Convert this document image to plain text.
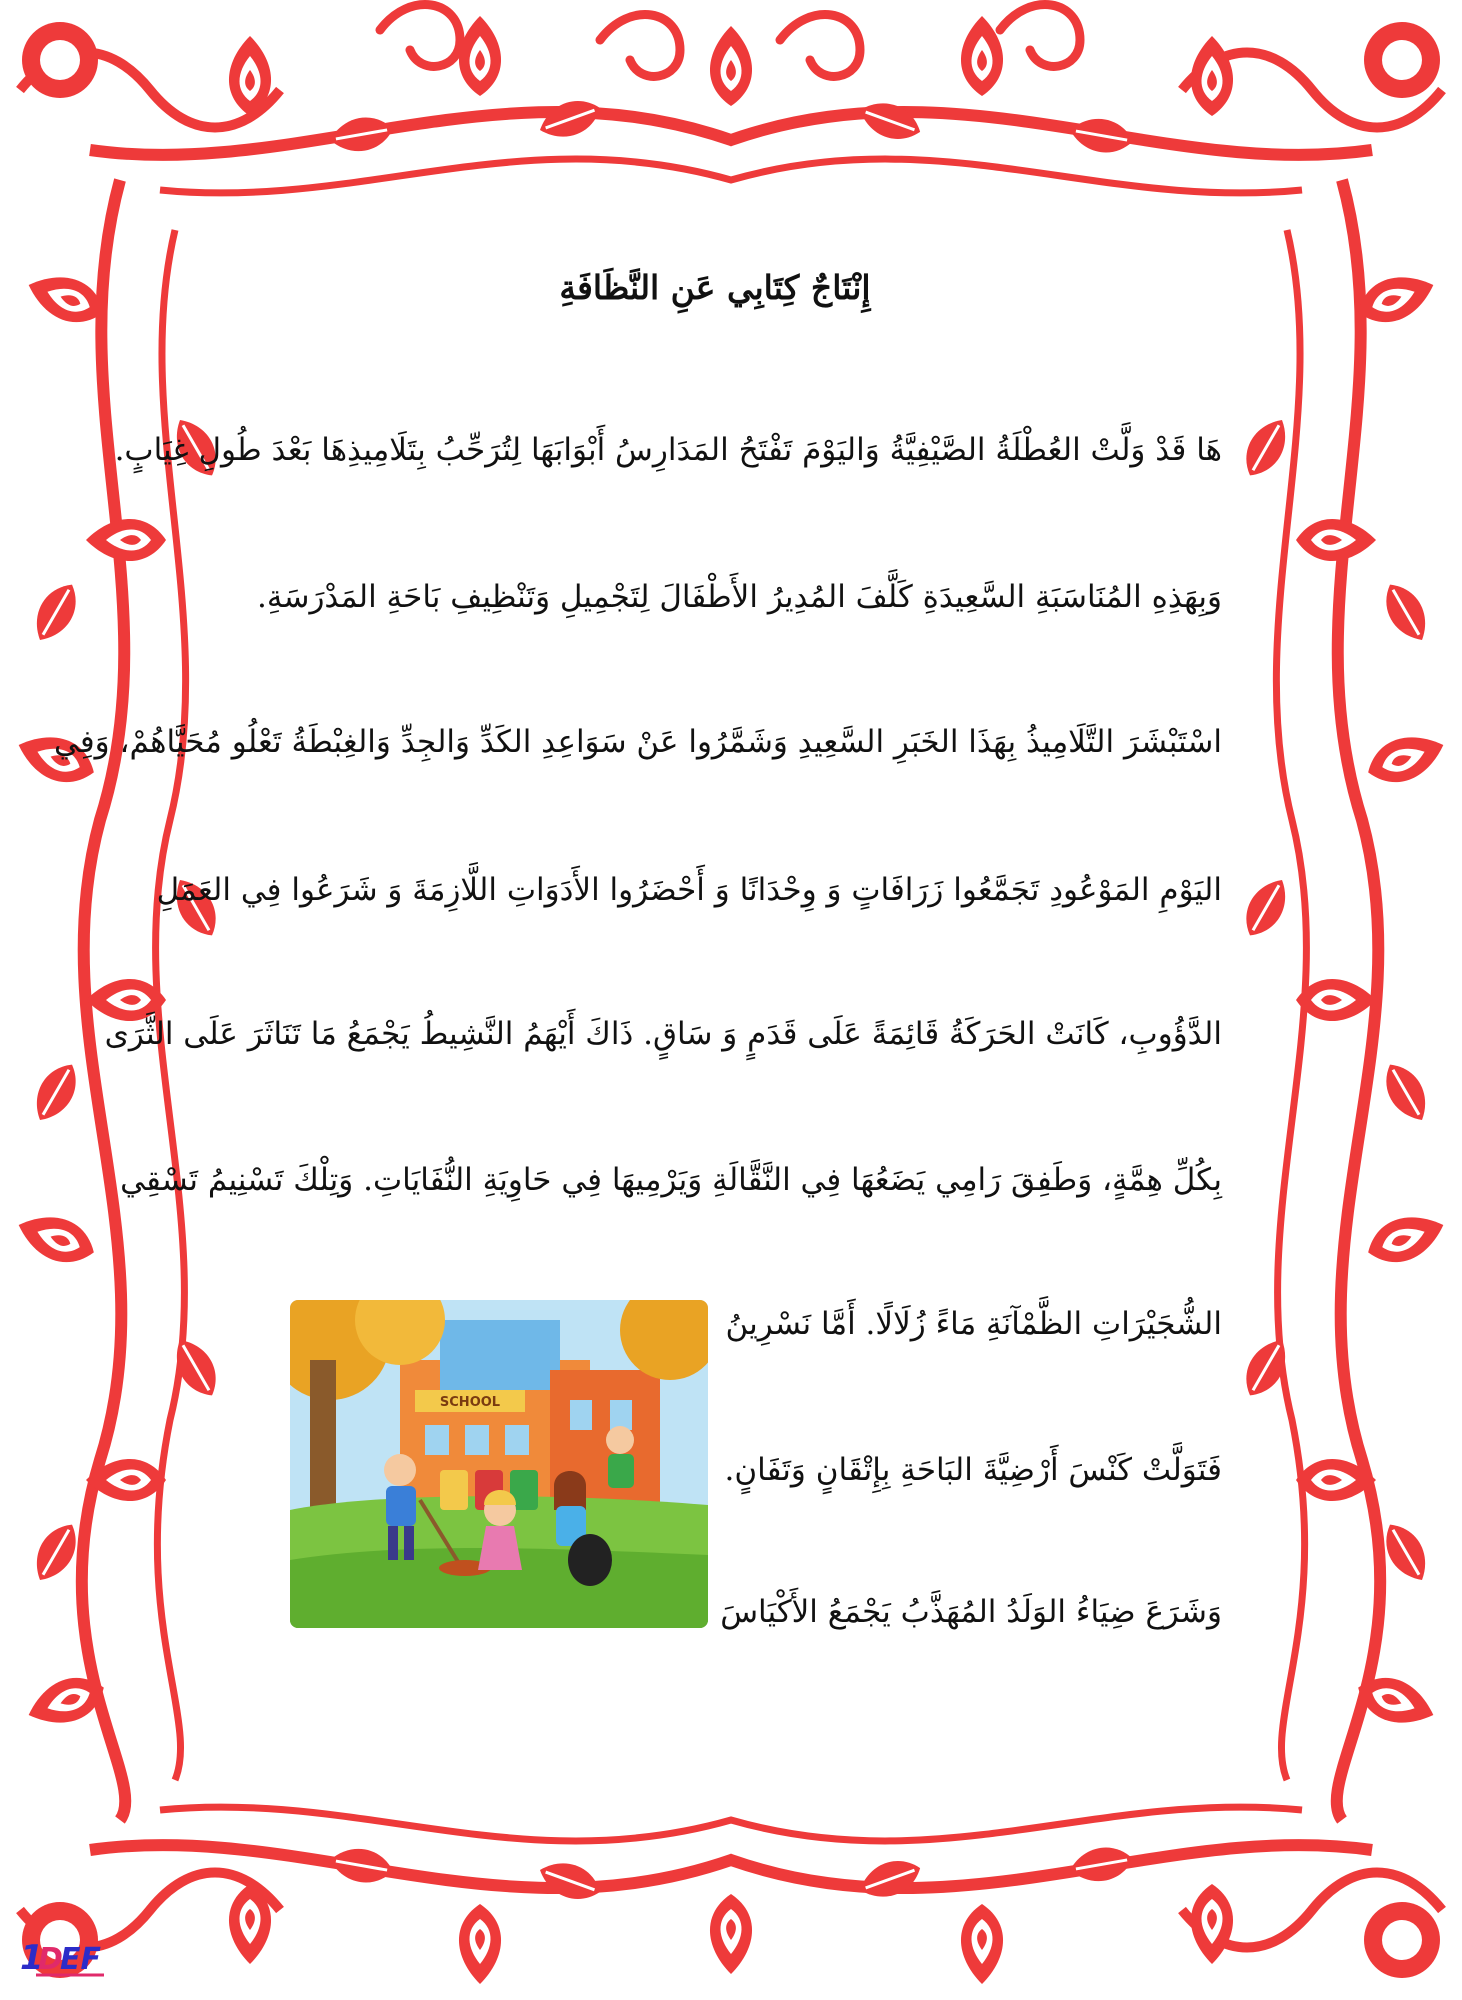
إِنْتَاجٌ كِتَابِي عَنِ النَّظَافَةِ
هَا قَدْ وَلَّتْ العُطْلَةُ الصَّيْفِيَّةُ وَاليَوْمَ تَفْتَحُ المَدَارِسُ أَبْوَابَهَا لِتُرَحِّبُ بِتَلَامِيذِهَا بَعْدَ طُولِ غِيَابٍ.
وَبِهَذِهِ المُنَاسَبَةِ السَّعِيدَةِ كَلَّفَ المُدِيرُ الأَطْفَالَ لِتَجْمِيلِ وَتَنْظِيفِ بَاحَةِ المَدْرَسَةِ.
اسْتَبْشَرَ التَّلَامِيذُ بِهَذَا الخَبَرِ السَّعِيدِ وَشَمَّرُوا عَنْ سَوَاعِدِ الكَدِّ وَالجِدِّ وَالغِبْطَةُ تَعْلُو مُحَيَّاهُمْ، وَفِي
اليَوْمِ المَوْعُودِ تَجَمَّعُوا زَرَافَاتٍ وَ وِحْدَانًا وَ أَحْضَرُوا الأَدَوَاتِ اللَّازِمَةَ وَ شَرَعُوا فِي العَمَلِ
الدَّؤُوبِ، كَانَتْ الحَرَكَةُ قَائِمَةً عَلَى قَدَمٍ وَ سَاقٍ. ذَاكَ أَيْهَمُ النَّشِيطُ يَجْمَعُ مَا تَنَاثَرَ عَلَى الثَّرَى
بِكُلِّ هِمَّةٍ، وَطَفِقَ رَامِي يَضَعُهَا فِي النَّقَّالَةِ وَيَرْمِيهَا فِي حَاوِيَةِ النُّفَايَاتِ. وَتِلْكَ تَسْنِيمُ تَسْقِي
الشُّجَيْرَاتِ الظَّمْآنَةِ مَاءً زُلَالًا. أَمَّا نَسْرِينُ
فَتَوَلَّتْ كَنْسَ أَرْضِيَّةَ البَاحَةِ بِإِتْقَانٍ وَتَفَانٍ.
وَشَرَعَ ضِيَاءُ الوَلَدُ المُهَذَّبُ يَجْمَعُ الأَكْيَاسَ
SCHOOL
1
D
EF
